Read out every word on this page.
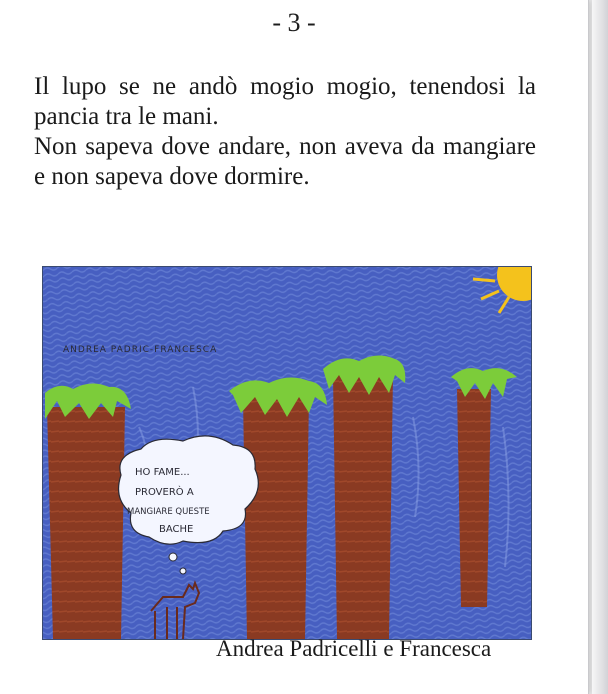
- 3 -

Il lupo se ne andò mogio mogio, tenendosi la pancia tra le mani.

Non sapeva dove andare, non aveva da mangiare e non sapeva dove dormire.

ANDREA PADRIC-FRANCESCA
HO FAME...
PROVERÒ A
MANGIARE QUESTE
BACHE
Andrea Padricelli e Francesca
